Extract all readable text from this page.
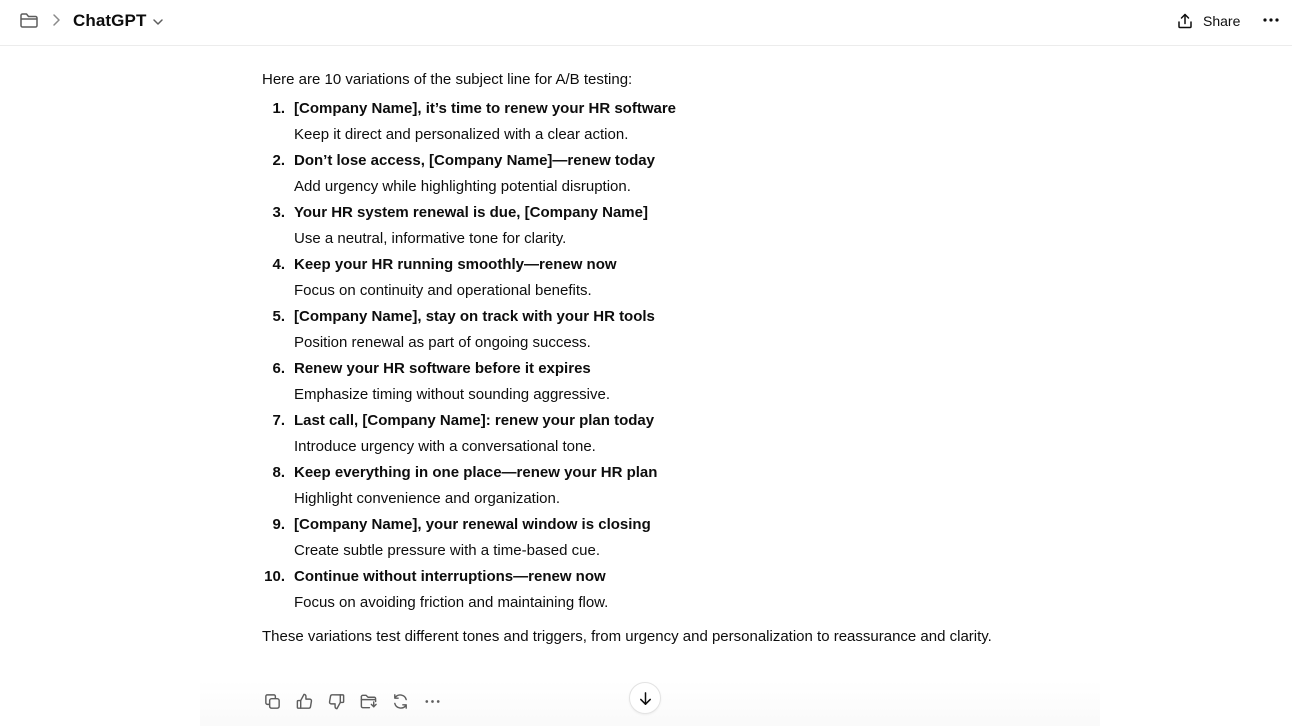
ChatGPT	Share

Here are 10 variations of the subject line for A/B testing:

1. [Company Name], it’s time to renew your HR software
Keep it direct and personalized with a clear action.
2. Don’t lose access, [Company Name]—renew today
Add urgency while highlighting potential disruption.
3. Your HR system renewal is due, [Company Name]
Use a neutral, informative tone for clarity.
4. Keep your HR running smoothly—renew now
Focus on continuity and operational benefits.
5. [Company Name], stay on track with your HR tools
Position renewal as part of ongoing success.
6. Renew your HR software before it expires
Emphasize timing without sounding aggressive.
7. Last call, [Company Name]: renew your plan today
Introduce urgency with a conversational tone.
8. Keep everything in one place—renew your HR plan
Highlight convenience and organization.
9. [Company Name], your renewal window is closing
Create subtle pressure with a time-based cue.
10. Continue without interruptions—renew now
Focus on avoiding friction and maintaining flow.

These variations test different tones and triggers, from urgency and personalization to reassurance and clarity.
